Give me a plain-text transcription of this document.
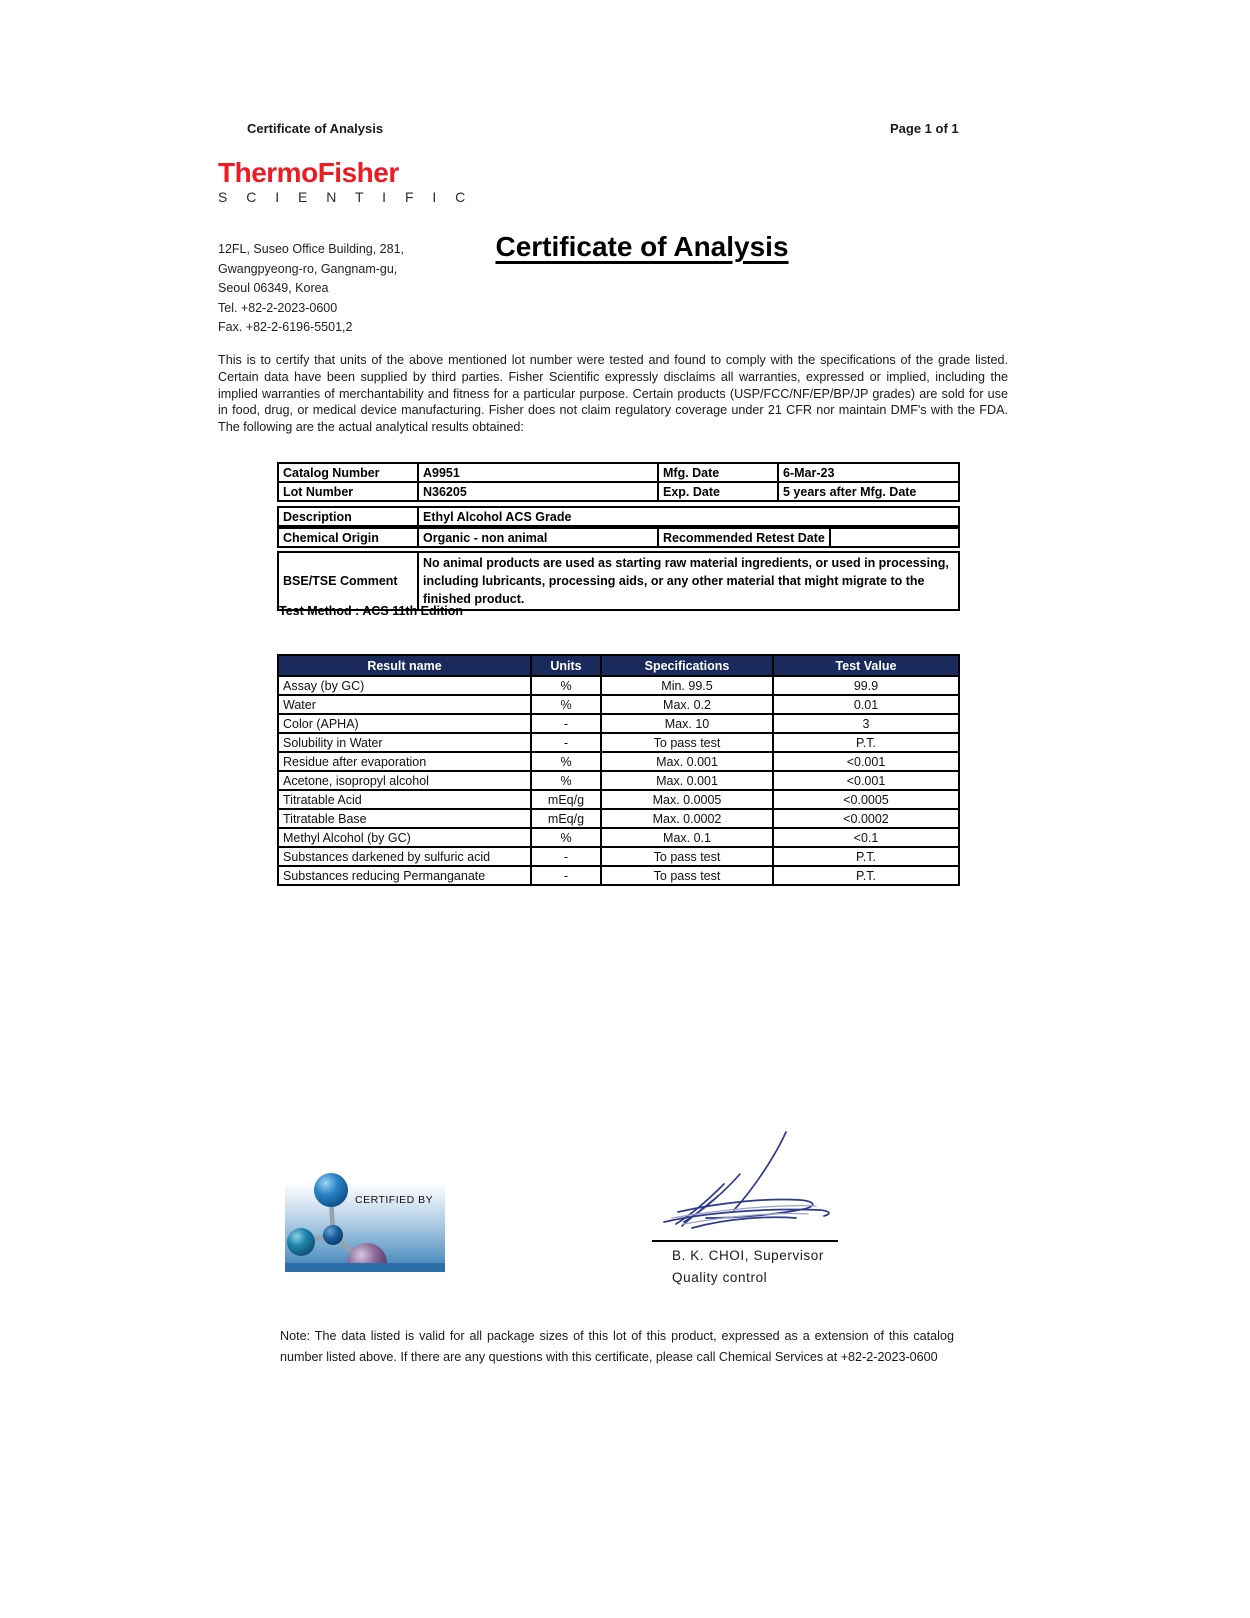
Certificate of Analysis	Page 1 of 1
ThermoFisher
S C I E N T I F I C
12FL, Suseo Office Building, 281,
Gwangpyeong-ro, Gangnam-gu,
Seoul 06349, Korea
Tel. +82-2-2023-0600
Fax. +82-2-6196-5501,2
Certificate of Analysis
This is to certify that units of the above mentioned lot number were tested and found to comply with the specifications of the grade listed. Certain data have been supplied by third parties. Fisher Scientific expressly disclaims all warranties, expressed or implied, including the implied warranties of merchantability and fitness for a particular purpose. Certain products (USP/FCC/NF/EP/BP/JP grades) are sold for use in food, drug, or medical device manufacturing. Fisher does not claim regulatory coverage under 21 CFR nor maintain DMF's with the FDA. The following are the actual analytical results obtained:
Catalog Number	A9951	Mfg. Date	6-Mar-23
Lot Number	N36205	Exp. Date	5 years after Mfg. Date
Description	Ethyl Alcohol ACS Grade
Chemical Origin	Organic - non animal	Recommended Retest Date	
BSE/TSE Comment	No animal products are used as starting raw material ingredients, or used in processing, including lubricants, processing aids, or any other material that might migrate to the finished product.
Test Method : ACS 11th Edition
Result name	Units	Specifications	Test Value
Assay (by GC)	%	Min. 99.5	99.9
Water	%	Max. 0.2	0.01
Color (APHA)	-	Max. 10	3
Solubility in Water	-	To pass test	P.T.
Residue after evaporation	%	Max. 0.001	<0.001
Acetone, isopropyl alcohol	%	Max. 0.001	<0.001
Titratable Acid	mEq/g	Max. 0.0005	<0.0005
Titratable Base	mEq/g	Max. 0.0002	<0.0002
Methyl Alcohol (by GC)	%	Max. 0.1	<0.1
Substances darkened by sulfuric acid	-	To pass test	P.T.
Substances reducing Permanganate	-	To pass test	P.T.
CERTIFIED BY
B. K. CHOI, Supervisor
Quality control
Note: The data listed is valid for all package sizes of this lot of this product, expressed as a extension of this catalog number listed above. If there are any questions with this certificate, please call Chemical Services at +82-2-2023-0600
